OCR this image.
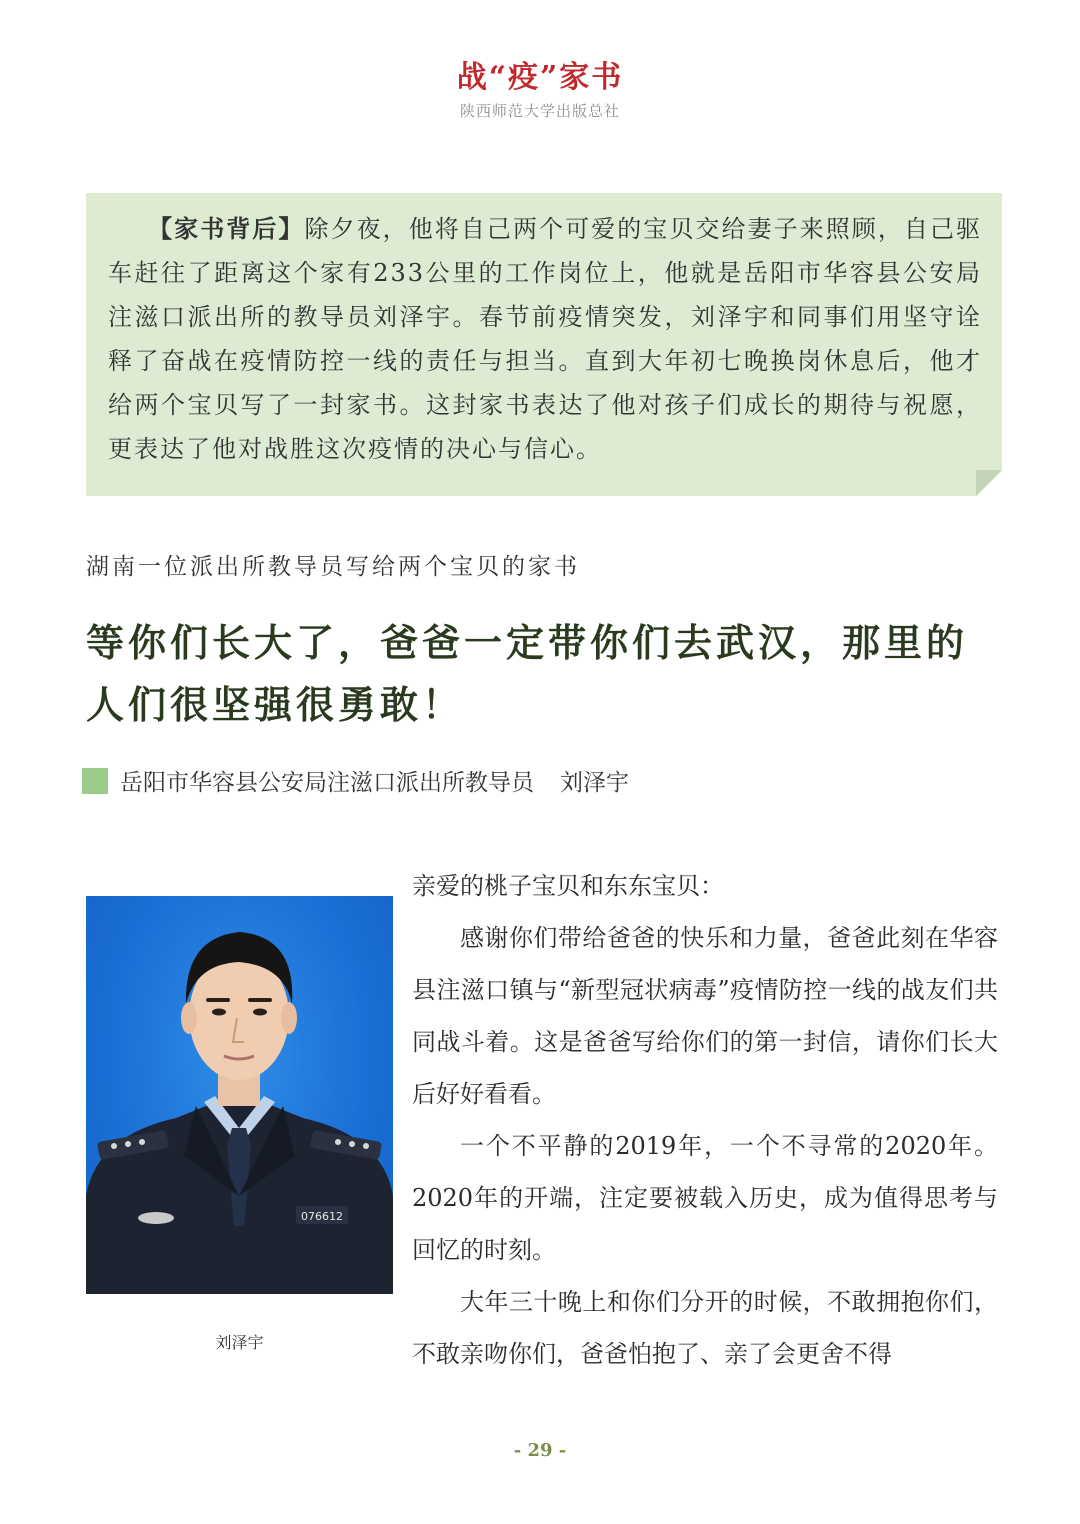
战“疫”家书
陕西师范大学出版总社

　　【家书背后】除夕夜，他将自己两个可爱的宝贝交给妻子来照顾，自己驱车赶往了距离这个家有233公里的工作岗位上，他就是岳阳市华容县公安局注滋口派出所的教导员刘泽宇。春节前疫情突发，刘泽宇和同事们用坚守诠释了奋战在疫情防控一线的责任与担当。直到大年初七晚换岗休息后，他才给两个宝贝写了一封家书。这封家书表达了他对孩子们成长的期待与祝愿，更表达了他对战胜这次疫情的决心与信心。

湖南一位派出所教导员写给两个宝贝的家书
等你们长大了，爸爸一定带你们去武汉，那里的人们很坚强很勇敢！
岳阳市华容县公安局注滋口派出所教导员 刘泽宇
076612
刘泽宇

亲爱的桃子宝贝和东东宝贝：

感谢你们带给爸爸的快乐和力量，爸爸此刻在华容县注滋口镇与“新型冠状病毒”疫情防控一线的战友们共同战斗着。这是爸爸写给你们的第一封信，请你们长大后好好看看。

一个不平静的2019年，一个不寻常的2020年。2020年的开端，注定要被载入历史，成为值得思考与回忆的时刻。

大年三十晚上和你们分开的时候，不敢拥抱你们，不敢亲吻你们，爸爸怕抱了、亲了会更舍不得

- 29 -
